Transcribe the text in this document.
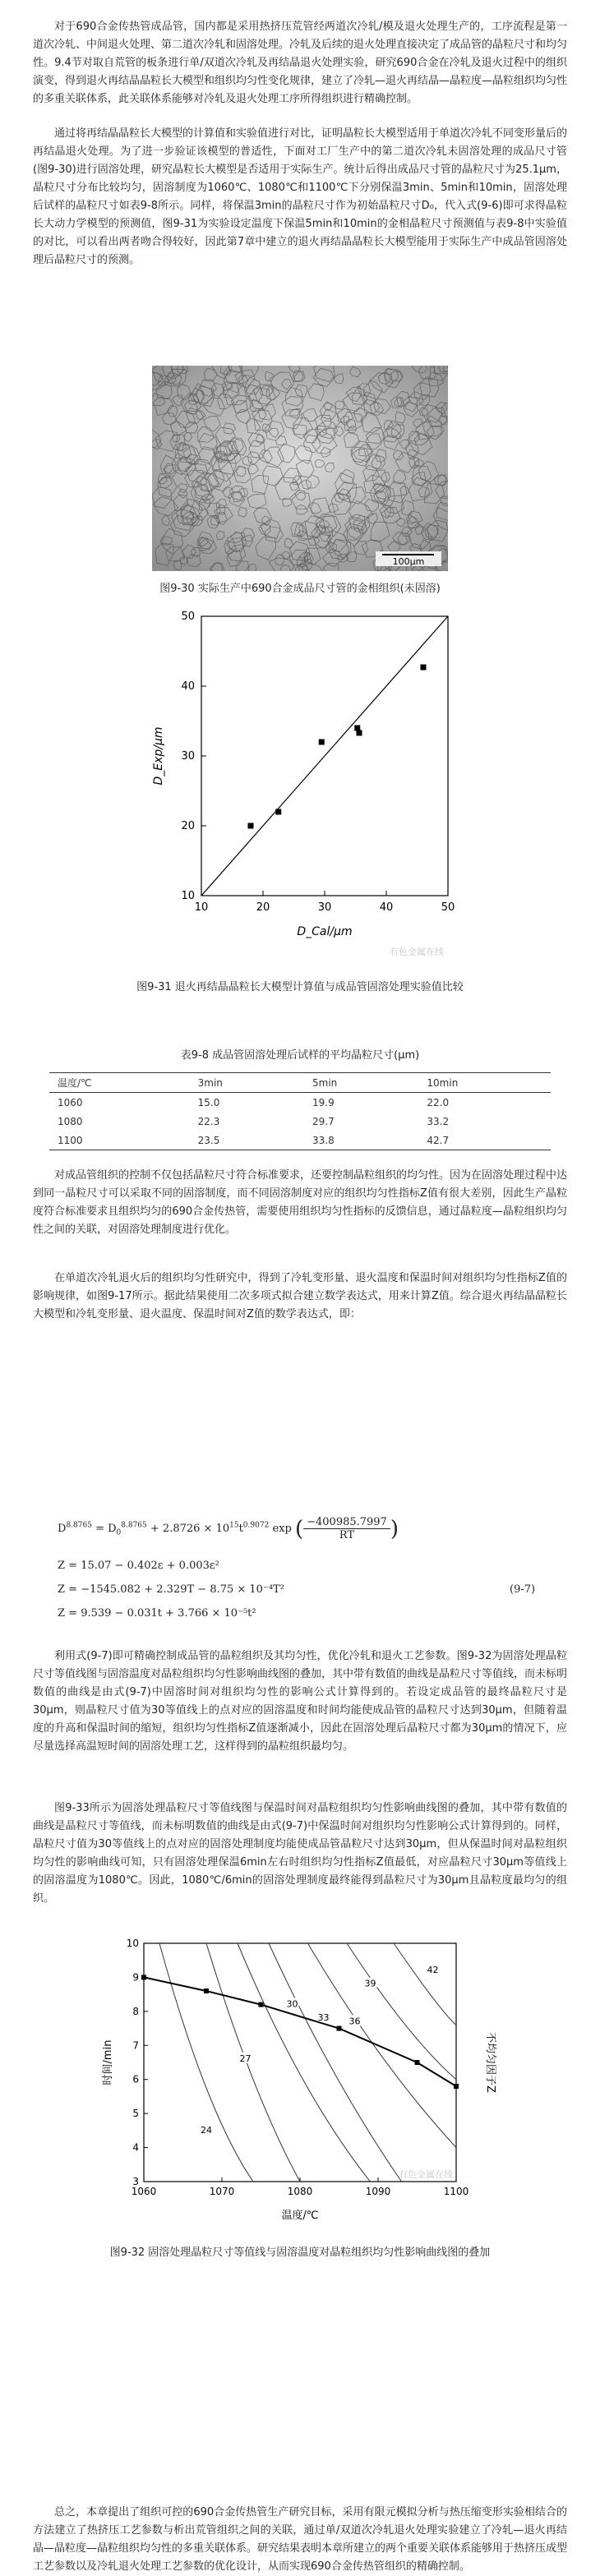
对于690合金传热管成品管，国内都是采用热挤压荒管经两道次冷轧/模及退火处理生产的，工序流程是第一道次冷轧、中间退火处理、第二道次冷轧和固溶处理。冷轧及后续的退火处理直接决定了成品管的晶粒尺寸和均匀性。9.4节对取自荒管的板条进行单/双道次冷轧及再结晶退火处理实验，研究690合金在冷轧及退火过程中的组织演变，得到退火再结晶晶粒长大模型和组织均匀性变化规律，建立了冷轧—退火再结晶—晶粒度—晶粒组织均匀性的多重关联体系，此关联体系能够对冷轧及退火处理工序所得组织进行精确控制。

通过将再结晶晶粒长大模型的计算值和实验值进行对比，证明晶粒长大模型适用于单道次冷轧不同变形量后的再结晶退火处理。为了进一步验证该模型的普适性，下面对工厂生产中的第二道次冷轧未固溶处理的成品尺寸管(图9-30)进行固溶处理，研究晶粒长大模型是否适用于实际生产。统计后得出成品尺寸管的晶粒尺寸为25.1μm，晶粒尺寸分布比较均匀，固溶制度为1060℃、1080℃和1100℃下分别保温3min、5min和10min，固溶处理后试样的晶粒尺寸如表9-8所示。同样，将保温3min的晶粒尺寸作为初始晶粒尺寸D₀，代入式(9-6)即可求得晶粒长大动力学模型的预测值，图9-31为实验设定温度下保温5min和10min的金相晶粒尺寸预测值与表9-8中实验值的对比，可以看出两者吻合得较好，因此第7章中建立的退火再结晶晶粒长大模型能用于实际生产中成品管固溶处理后晶粒尺寸的预测。

100μm
图9-30 实际生产中690合金成品尺寸管的金相组织(未固溶)
10	20	30	40	50
10
20
30
40
50
D_Cal/μm
D_Exp/μm
有色金属在线
图9-31 退火再结晶晶粒长大模型计算值与成品管固溶处理实验值比较
表9-8 成品管固溶处理后试样的平均晶粒尺寸(μm)
温度/℃	3min	5min	10min
1060	15.0	19.9	22.0
1080	22.3	29.7	33.2
1100	23.5	33.8	42.7

对成品管组织的控制不仅包括晶粒尺寸符合标准要求，还要控制晶粒组织的均匀性。因为在固溶处理过程中达到同一晶粒尺寸可以采取不同的固溶制度，而不同固溶制度对应的组织均匀性指标Z值有很大差别，因此生产晶粒度符合标准要求且组织均匀的690合金传热管，需要使用组织均匀性指标的反馈信息，通过晶粒度—晶粒组织均匀性之间的关联，对固溶处理制度进行优化。

在单道次冷轧退火后的组织均匀性研究中，得到了冷轧变形量、退火温度和保温时间对组织均匀性指标Z值的影响规律，如图9-17所示。据此结果使用二次多项式拟合建立数学表达式，用来计算Z值。综合退火再结晶晶粒长大模型和冷轧变形量、退火温度、保温时间对Z值的数学表达式，即：

$D^{8.8765} = D_0^{8.8765} + 2.8726 \times 10^{15}t^{0.9072}$ exp ( $\frac{-400985.7997}{RT}$ )
Z = 15.07 − 0.402ε + 0.003ε²
Z = −1545.082 + 2.329T − 8.75 × 10⁻⁴T²
Z = 9.539 − 0.031t + 3.766 × 10⁻⁵t²
(9-7)

利用式(9-7)即可精确控制成品管的晶粒组织及其均匀性，优化冷轧和退火工艺参数。图9-32为固溶处理晶粒尺寸等值线图与固溶温度对晶粒组织均匀性影响曲线图的叠加，其中带有数值的曲线是晶粒尺寸等值线，而未标明数值的曲线是由式(9-7)中固溶时间对组织均匀性的影响公式计算得到的。若设定成品管的最终晶粒尺寸是30μm，则晶粒尺寸值为30等值线上的点对应的固溶温度和时间均能使成品管的晶粒尺寸达到30μm，但随着温度的升高和保温时间的缩短，组织均匀性指标Z值逐渐减小，因此在固溶处理后晶粒尺寸都为30μm的情况下，应尽量选择高温短时间的固溶处理工艺，这样得到的晶粒组织最均匀。

图9-33所示为固溶处理晶粒尺寸等值线图与保温时间对晶粒组织均匀性影响曲线图的叠加，其中带有数值的曲线是晶粒尺寸等值线，而未标明数值的曲线是由式(9-7)中保温时间对组织均匀性影响公式计算得到的。同样，晶粒尺寸值为30等值线上的点对应的固溶处理制度均能使成品管晶粒尺寸达到30μm，但从保温时间对晶粒组织均匀性的影响曲线可知，只有固溶处理保温6min左右时组织均匀性指标Z值最低，对应晶粒尺寸30μm等值线上的固溶温度为1080℃。因此，1080℃/6min的固溶处理制度最终能得到晶粒尺寸为30μm且晶粒度最均匀的组织。

1060	1070	1080	1090	1100
3
4
5
6
7
8
9
10
24
27
30
33 36
39
42
温度/℃
时间/min	不均匀因子Z
有色金属在线
图9-32 固溶处理晶粒尺寸等值线与固溶温度对晶粒组织均匀性影响曲线图的叠加

总之，本章提出了组织可控的690合金传热管生产研究目标，采用有限元模拟分析与热压缩变形实验相结合的方法建立了热挤压工艺参数与析出荒管组织之间的关联，通过单/双道次冷轧退火处理实验建立了冷轧—退火再结晶—晶粒度—晶粒组织均匀性的多重关联体系。研究结果表明本章所建立的两个重要关联体系能够用于热挤压成型工艺参数以及冷轧退火处理工艺参数的优化设计，从而实现690合金传热管组织的精确控制。
